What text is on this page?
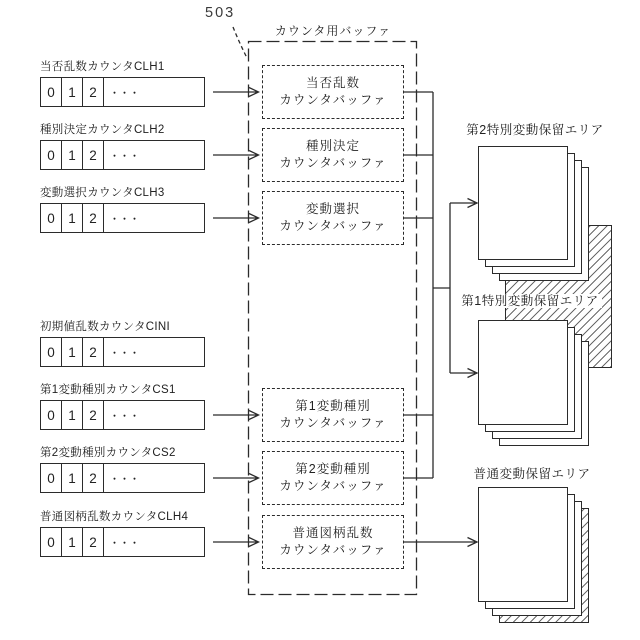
503
カウンタ用バッファ
当否乱数カウンタCLH1
0 1 2	・・・
種別決定カウンタCLH2
0 1 2	・・・
変動選択カウンタCLH3
0 1 2	・・・
初期値乱数カウンタCINI
0 1 2	・・・
第1変動種別カウンタCS1
0 1 2	・・・
第2変動種別カウンタCS2
0 1 2	・・・
普通図柄乱数カウンタCLH4
0 1 2	・・・
当否乱数
カウンタバッファ
種別決定
カウンタバッファ
変動選択
カウンタバッファ
第1変動種別
カウンタバッファ
第2変動種別
カウンタバッファ
普通図柄乱数
カウンタバッファ
第2特別変動保留エリア
第1特別変動保留エリア
普通変動保留エリア
